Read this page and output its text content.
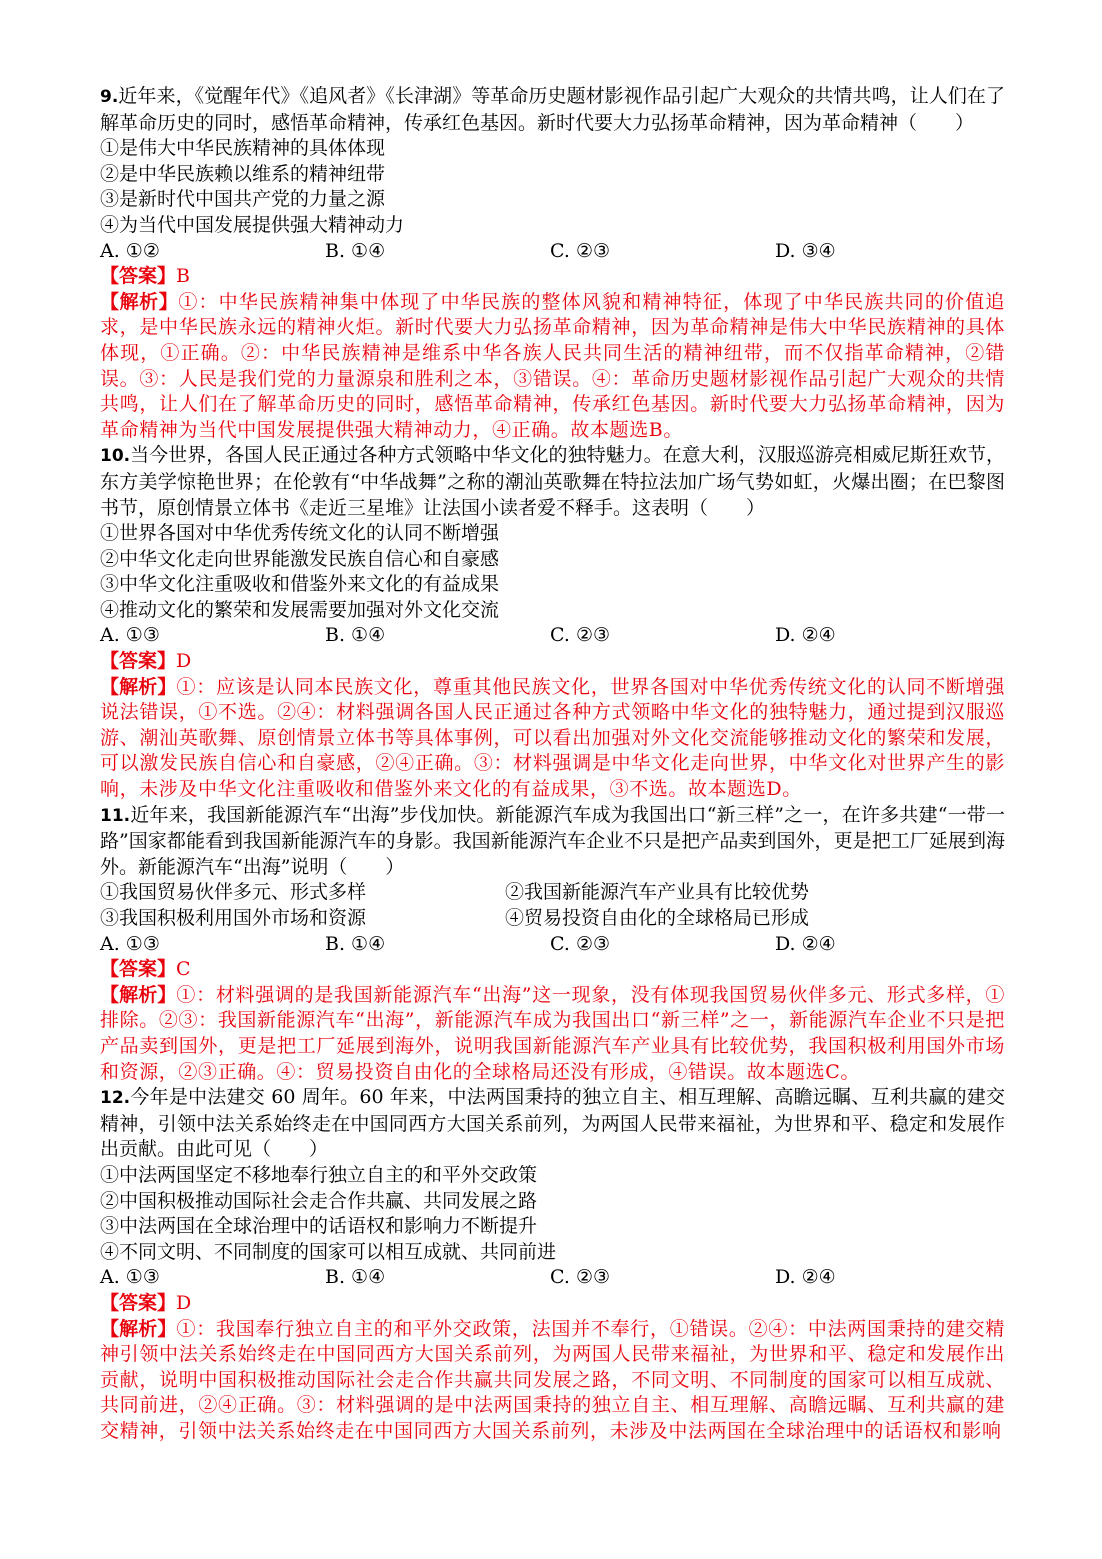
9.近年来，《觉醒年代》《追风者》《长津湖》等革命历史题材影视作品引起广大观众的共情共鸣，让人们在了解革命历史的同时，感悟革命精神，传承红色基因。新时代要大力弘扬革命精神，因为革命精神（　　）
①是伟大中华民族精神的具体体现
②是中华民族赖以维系的精神纽带
③是新时代中国共产党的力量之源
④为当代中国发展提供强大精神动力
A. ①②	B. ①④	C. ②③	D. ③④
【答案】B
【解析】①：中华民族精神集中体现了中华民族的整体风貌和精神特征，体现了中华民族共同的价值追求，是中华民族永远的精神火炬。新时代要大力弘扬革命精神，因为革命精神是伟大中华民族精神的具体体现，①正确。②：中华民族精神是维系中华各族人民共同生活的精神纽带，而不仅指革命精神，②错误。③：人民是我们党的力量源泉和胜利之本，③错误。④：革命历史题材影视作品引起广大观众的共情共鸣，让人们在了解革命历史的同时，感悟革命精神，传承红色基因。新时代要大力弘扬革命精神，因为革命精神为当代中国发展提供强大精神动力，④正确。故本题选B。
10.当今世界，各国人民正通过各种方式领略中华文化的独特魅力。在意大利，汉服巡游亮相威尼斯狂欢节，东方美学惊艳世界；在伦敦有“中华战舞”之称的潮汕英歌舞在特拉法加广场气势如虹，火爆出圈；在巴黎图书节，原创情景立体书《走近三星堆》让法国小读者爱不释手。这表明（　　）
①世界各国对中华优秀传统文化的认同不断增强
②中华文化走向世界能激发民族自信心和自豪感
③中华文化注重吸收和借鉴外来文化的有益成果
④推动文化的繁荣和发展需要加强对外文化交流
A. ①③	B. ①④	C. ②③	D. ②④
【答案】D
【解析】①：应该是认同本民族文化，尊重其他民族文化，世界各国对中华优秀传统文化的认同不断增强说法错误，①不选。②④：材料强调各国人民正通过各种方式领略中华文化的独特魅力，通过提到汉服巡游、潮汕英歌舞、原创情景立体书等具体事例，可以看出加强对外文化交流能够推动文化的繁荣和发展，可以激发民族自信心和自豪感，②④正确。③：材料强调是中华文化走向世界，中华文化对世界产生的影响，未涉及中华文化注重吸收和借鉴外来文化的有益成果，③不选。故本题选D。
11.近年来，我国新能源汽车“出海”步伐加快。新能源汽车成为我国出口“新三样”之一，在许多共建“一带一路”国家都能看到我国新能源汽车的身影。我国新能源汽车企业不只是把产品卖到国外，更是把工厂延展到海外。新能源汽车“出海”说明（　　）
①我国贸易伙伴多元、形式多样	②我国新能源汽车产业具有比较优势
③我国积极利用国外市场和资源	④贸易投资自由化的全球格局已形成
A. ①③	B. ①④	C. ②③	D. ②④
【答案】C
【解析】①：材料强调的是我国新能源汽车“出海”这一现象，没有体现我国贸易伙伴多元、形式多样，①排除。②③：我国新能源汽车“出海”，新能源汽车成为我国出口“新三样”之一，新能源汽车企业不只是把产品卖到国外，更是把工厂延展到海外，说明我国新能源汽车产业具有比较优势，我国积极利用国外市场和资源，②③正确。④：贸易投资自由化的全球格局还没有形成，④错误。故本题选C。
12.今年是中法建交 60 周年。60 年来，中法两国秉持的独立自主、相互理解、高瞻远瞩、互利共赢的建交精神，引领中法关系始终走在中国同西方大国关系前列，为两国人民带来福祉，为世界和平、稳定和发展作出贡献。由此可见（　　）
①中法两国坚定不移地奉行独立自主的和平外交政策
②中国积极推动国际社会走合作共赢、共同发展之路
③中法两国在全球治理中的话语权和影响力不断提升
④不同文明、不同制度的国家可以相互成就、共同前进
A. ①③	B. ①④	C. ②③	D. ②④
【答案】D
【解析】①：我国奉行独立自主的和平外交政策，法国并不奉行，①错误。②④：中法两国秉持的建交精神引领中法关系始终走在中国同西方大国关系前列，为两国人民带来福祉，为世界和平、稳定和发展作出贡献，说明中国积极推动国际社会走合作共赢共同发展之路，不同文明、不同制度的国家可以相互成就、共同前进，②④正确。③：材料强调的是中法两国秉持的独立自主、相互理解、高瞻远瞩、互利共赢的建交精神，引领中法关系始终走在中国同西方大国关系前列，未涉及中法两国在全球治理中的话语权和影响
